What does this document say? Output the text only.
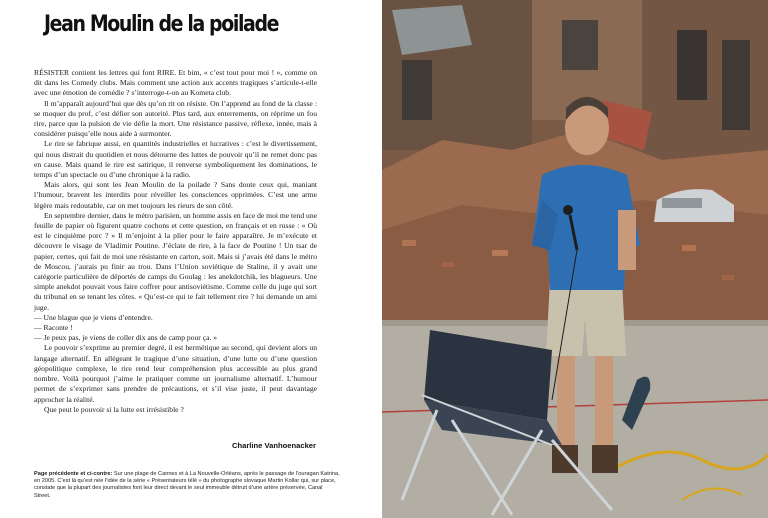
Jean Moulin de la poilade

RÉSISTER contient les lettres qui font RIRE. Et bim, « c’est tout pour moi ! », comme on dit dans les Comedy clubs. Mais comment une action aux accents tragiques s’articule-t-elle avec une émotion de comédie ? s’interroge-t-on au Kometa club.

Il m’apparaît aujourd’hui que dès qu’on rit on résiste. On l’apprend au fond de la classe : se moquer du prof, c’est défier son autorité. Plus tard, aux enterrements, on réprime un fou rire, parce que la pulsion de vie défie la mort. Une résistance passive, réflexe, innée, mais à considérer puisqu’elle nous aide à surmonter.

Le rire se fabrique aussi, en quantités industrielles et lucratives : c’est le divertissement, qui nous distrait du quotidien et nous détourne des luttes de pouvoir qu’il ne remet donc pas en cause. Mais quand le rire est satirique, il renverse symboliquement les dominations, le temps d’un spectacle ou d’une chronique à la radio.

Mais alors, qui sont les Jean Moulin de la poilade ? Sans doute ceux qui, maniant l’humour, bravent les interdits pour réveiller les consciences opprimées. C’est une arme légère mais redoutable, car on met toujours les rieurs de son côté.

En septembre dernier, dans le métro parisien, un homme assis en face de moi me tend une feuille de papier où figurent quatre cochons et cette question, en français et en russe : « Où est le cinquième porc ? » Il m’enjoint à la plier pour le faire apparaître. Je m’exécute et découvre le visage de Vladimir Poutine. J’éclate de rire, à la face de Poutine ! Un tsar de papier, certes, qui fait de moi une résistante en carton, soit. Mais si j’avais été dans le métro de Moscou, j’aurais pu finir au trou. Dans l’Union soviétique de Staline, il y avait une catégorie particulière de déportés de camps du Goulag : les anekdotchik, les blagueurs. Une simple anekdot pouvait vous faire coffrer pour antisoviétisme. Comme celle du juge qui sort du tribunal en se tenant les côtes. « Qu’est-ce qui te fait tellement rire ? lui demande un ami juge.

— Une blague que je viens d’entendre.

— Raconte !

— Je peux pas, je viens de coller dix ans de camp pour ça. »

Le pouvoir s’exprime au premier degré, il est hermétique au second, qui devient alors un langage alternatif. En allégeant le tragique d’une situation, d’une lutte ou d’une question géopolitique complexe, le rire rend leur compréhension plus accessible au plus grand nombre. Voilà pourquoi j’aime le pratiquer comme un journalisme alternatif. L’humour permet de s’exprimer sans prendre de précautions, et s’il vise juste, il peut davantage approcher la réalité.

Que peut le pouvoir si la lutte est irrésistible ?

Charline Vanhoenacker
Page précédente et ci-contre: Sur une plage de Cannes et à La Nouvelle-Orléans, après le passage de l’ouragan Katrina, en 2005. C’est là qu’est née l’idée de la série « Présentateurs télé » du photographe slovaque Martin Kollar qui, sur place, constate que la plupart des journalistes font leur direct devant le seul immeuble détruit d’une artère préservée, Canal Street.
